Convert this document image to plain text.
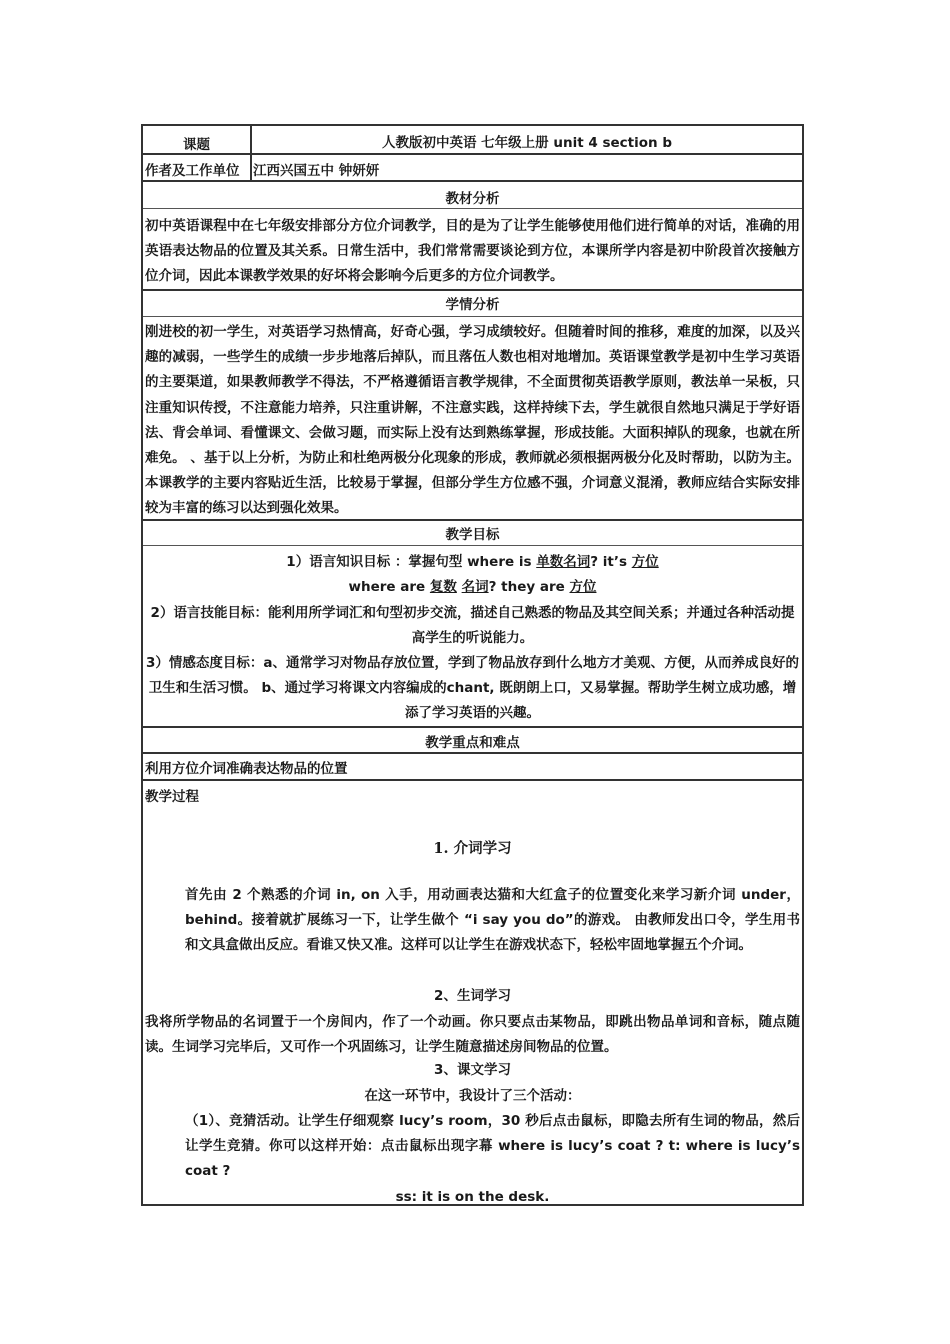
课题	人教版初中英语 七年级上册 unit 4 section b
作者及工作单位	江西兴国五中 钟妍妍
教材分析
初中英语课程中在七年级安排部分方位介词教学，目的是为了让学生能够使用他们进行简单的对话，准确的用英语表达物品的位置及其关系。日常生活中，我们常常需要谈论到方位，本课所学内容是初中阶段首次接触方位介词，因此本课教学效果的好坏将会影响今后更多的方位介词教学。
学情分析
刚进校的初一学生，对英语学习热情高，好奇心强，学习成绩较好。但随着时间的推移，难度的加深，以及兴趣的减弱，一些学生的成绩一步步地落后掉队，而且落伍人数也相对地增加。英语课堂教学是初中生学习英语的主要渠道，如果教师教学不得法，不严格遵循语言教学规律，不全面贯彻英语教学原则，教法单一呆板，只注重知识传授，不注意能力培养，只注重讲解，不注意实践，这样持续下去，学生就很自然地只满足于学好语法、背会单词、看懂课文、会做习题，而实际上没有达到熟练掌握，形成技能。大面积掉队的现象，也就在所难免。 、基于以上分析，为防止和杜绝两极分化现象的形成，教师就必须根据两极分化及时帮助，以防为主。 本课教学的主要内容贴近生活，比较易于掌握，但部分学生方位感不强，介词意义混淆，教师应结合实际安排较为丰富的练习以达到强化效果。
教学目标
1）语言知识目标 ：掌握句型 where is 单数名词? it’s 方位
where are 复数 名词? they are 方位
2）语言技能目标：能利用所学词汇和句型初步交流，描述自己熟悉的物品及其空间关系；并通过各种活动提高学生的听说能力。
3）情感态度目标：a、通常学习对物品存放位置，学到了物品放存到什么地方才美观、方便，从而养成良好的卫生和生活习惯。 b、通过学习将课文内容编成的chant, 既朗朗上口，又易掌握。帮助学生树立成功感，增添了学习英语的兴趣。
教学重点和难点
利用方位介词准确表达物品的位置
教学过程
1. 介词学习
首先由 2 个熟悉的介词 in, on 入手，用动画表达猫和大红盒子的位置变化来学习新介词 under，behind。接着就扩展练习一下，让学生做个 “i say you do”的游戏。 由教师发出口令，学生用书和文具盒做出反应。看谁又快又准。这样可以让学生在游戏状态下，轻松牢固地掌握五个介词。
2、生词学习
我将所学物品的名词置于一个房间内，作了一个动画。你只要点击某物品，即跳出物品单词和音标，随点随读。生词学习完毕后，又可作一个巩固练习，让学生随意描述房间物品的位置。
3、课文学习
在这一环节中，我设计了三个活动：
（1）、竞猜活动。让学生仔细观察 lucy’s room，30 秒后点击鼠标，即隐去所有生词的物品，然后让学生竞猜。你可以这样开始：点击鼠标出现字幕 where is lucy’s coat ? t: where is lucy’s coat ?
ss: it is on the desk.
